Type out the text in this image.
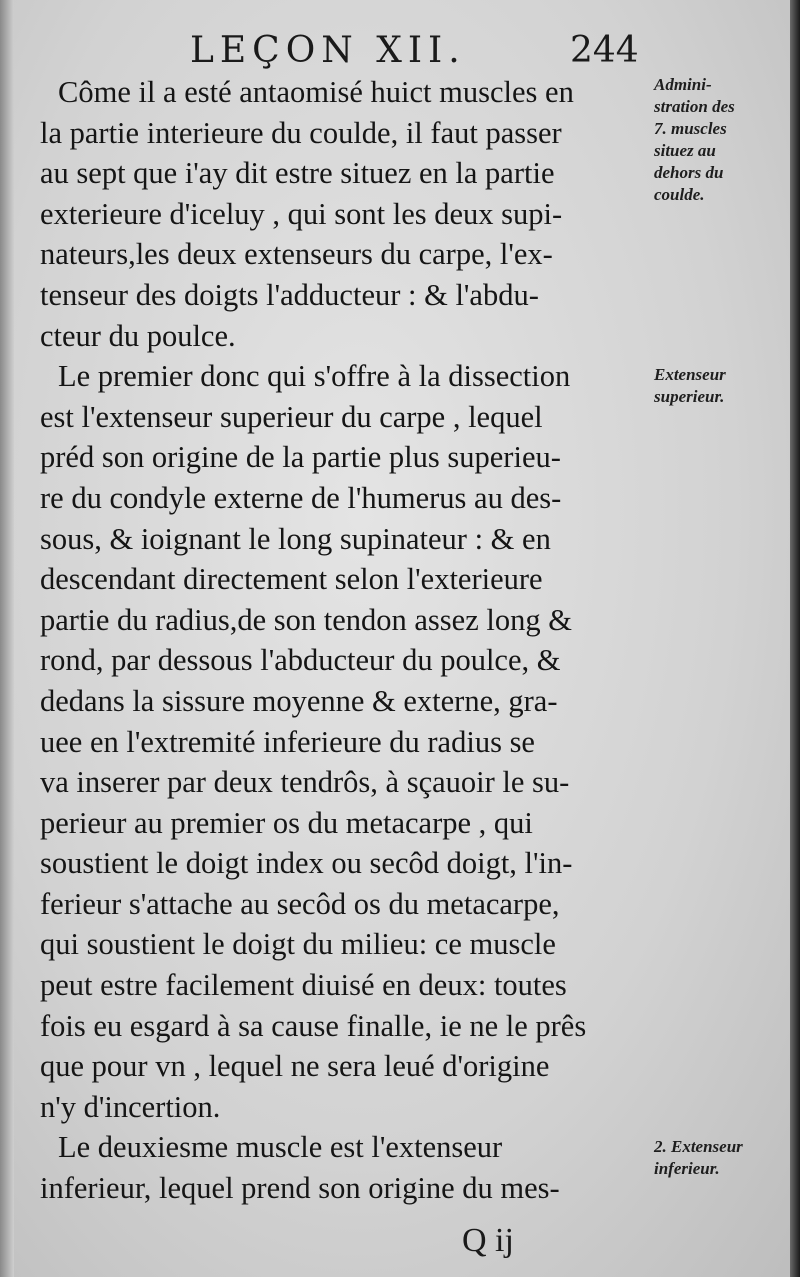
LEÇON XII.	244
Côme il a esté antaomisé huict muscles en
la partie interieure du coulde, il faut passer
au sept que i'ay dit estre situez en la partie
exterieure d'iceluy , qui sont les deux supi-
nateurs,les deux extenseurs du carpe, l'ex-
tenseur des doigts l'adducteur : & l'abdu-
cteur du poulce.
Le premier donc qui s'offre à la dissection
est l'extenseur superieur du carpe , lequel
préd son origine de la partie plus superieu-
re du condyle externe de l'humerus au des-
sous, & ioignant le long supinateur : & en
descendant directement selon l'exterieure
partie du radius,de son tendon assez long &
rond, par dessous l'abducteur du poulce, &
dedans la sissure moyenne & externe, gra-
uee en l'extremité inferieure du radius se
va inserer par deux tendrôs, à sçauoir le su-
perieur au premier os du metacarpe , qui
soustient le doigt index ou secôd doigt, l'in-
ferieur s'attache au secôd os du metacarpe,
qui soustient le doigt du milieu: ce muscle
peut estre facilement diuisé en deux: toutes
fois eu esgard à sa cause finalle, ie ne le prês
que pour vn , lequel ne sera leué d'origine
n'y d'incertion.
Le deuxiesme muscle est l'extenseur
inferieur, lequel prend son origine du mes-
Admini-
stration des
7. muscles
situez au
dehors du
coulde.
Extenseur
superieur.
2. Extenseur
inferieur.
Q ij
